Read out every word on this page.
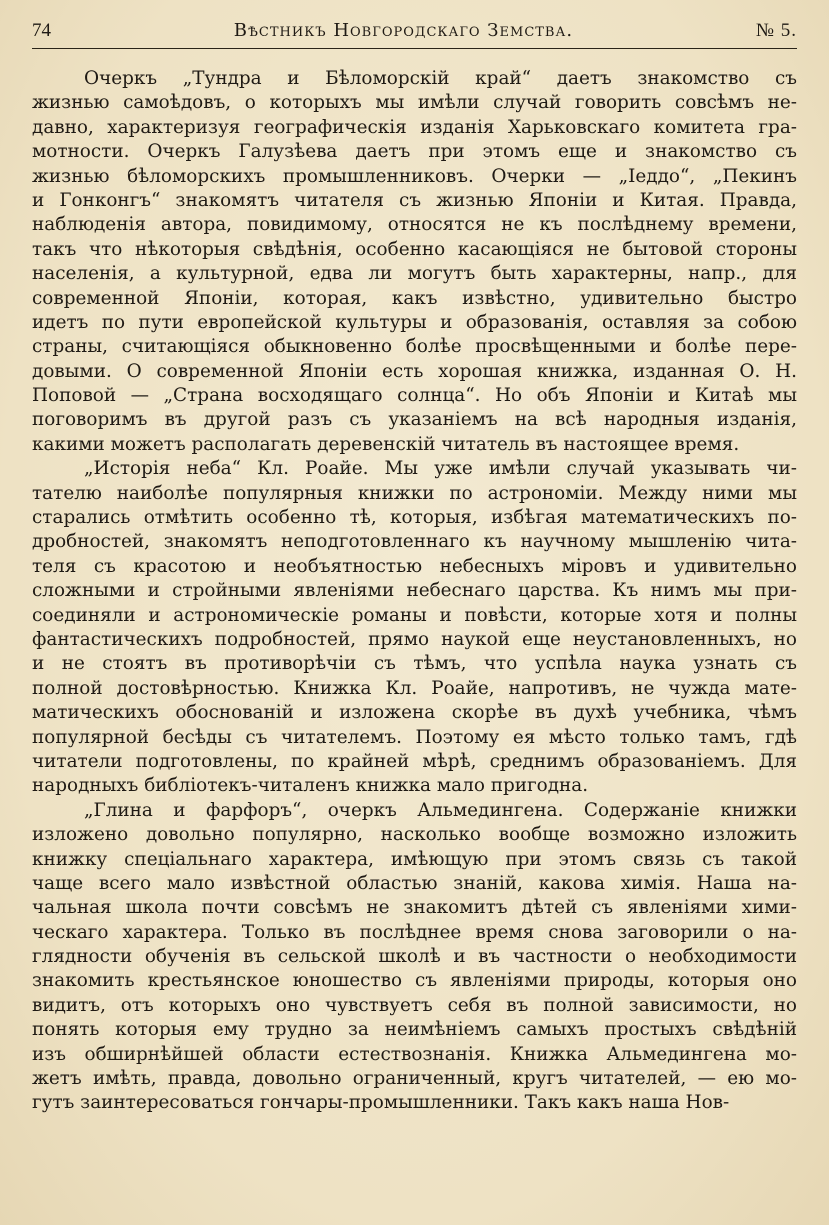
74	Вѣстникъ Новгородскаго Земства.	№ 5.
Очеркъ „Тундра и Бѣломорскій край“ даетъ знакомство съ
жизнью самоѣдовъ, о которыхъ мы имѣли случай говорить совсѣмъ не-
давно, характеризуя географическія изданія Харьковскаго комитета гра-
мотности. Очеркъ Галузѣева даетъ при этомъ еще и знакомство съ
жизнью бѣломорскихъ промышленниковъ. Очерки — „Іеддо“, „Пекинъ
и Гонконгъ“ знакомятъ читателя съ жизнью Японіи и Китая. Правда,
наблюденія автора, повидимому, относятся не къ послѣднему времени,
такъ что нѣкоторыя свѣдѣнія, особенно касающіяся не бытовой стороны
населенія, а культурной, едва ли могутъ быть характерны, напр., для
современной Японіи, которая, какъ извѣстно, удивительно быстро
идетъ по пути европейской культуры и образованія, оставляя за собою
страны, считающіяся обыкновенно болѣе просвѣщенными и болѣе пере-
довыми. О современной Японіи есть хорошая книжка, изданная О. Н.
Поповой — „Страна восходящаго солнца“. Но объ Японіи и Китаѣ мы
поговоримъ въ другой разъ съ указаніемъ на всѣ народныя изданія,
какими можетъ располагать деревенскій читатель въ настоящее время.
„Исторія неба“ Кл. Роайе. Мы уже имѣли случай указывать чи-
тателю наиболѣе популярныя книжки по астрономіи. Между ними мы
старались отмѣтить особенно тѣ, которыя, избѣгая математическихъ по-
дробностей, знакомятъ неподготовленнаго къ научному мышленію чита-
теля съ красотою и необъятностью небесныхъ міровъ и удивительно
сложными и стройными явленіями небеснаго царства. Къ нимъ мы при-
соединяли и астрономическіе романы и повѣсти, которые хотя и полны
фантастическихъ подробностей, прямо наукой еще неустановленныхъ, но
и не стоятъ въ противорѣчіи съ тѣмъ, что успѣла наука узнать съ
полной достовѣрностью. Книжка Кл. Роайе, напротивъ, не чужда мате-
матическихъ обоснованій и изложена скорѣе въ духѣ учебника, чѣмъ
популярной бесѣды съ читателемъ. Поэтому ея мѣсто только тамъ, гдѣ
читатели подготовлены, по крайней мѣрѣ, среднимъ образованіемъ. Для
народныхъ библіотекъ-читаленъ книжка мало пригодна.
„Глина и фарфоръ“, очеркъ Альмедингена. Содержаніе книжки
изложено довольно популярно, насколько вообще возможно изложить
книжку спеціальнаго характера, имѣющую при этомъ связь съ такой
чаще всего мало извѣстной областью знаній, какова химія. Наша на-
чальная школа почти совсѣмъ не знакомитъ дѣтей съ явленіями хими-
ческаго характера. Только въ послѣднее время снова заговорили о на-
глядности обученія въ сельской школѣ и въ частности о необходимости
знакомить крестьянское юношество съ явленіями природы, которыя оно
видитъ, отъ которыхъ оно чувствуетъ себя въ полной зависимости, но
понять которыя ему трудно за неимѣніемъ самыхъ простыхъ свѣдѣній
изъ обширнѣйшей области естествознанія. Книжка Альмедингена мо-
жетъ имѣть, правда, довольно ограниченный, кругъ читателей, — ею мо-
гутъ заинтересоваться гончары-промышленники. Такъ какъ наша Нов-
